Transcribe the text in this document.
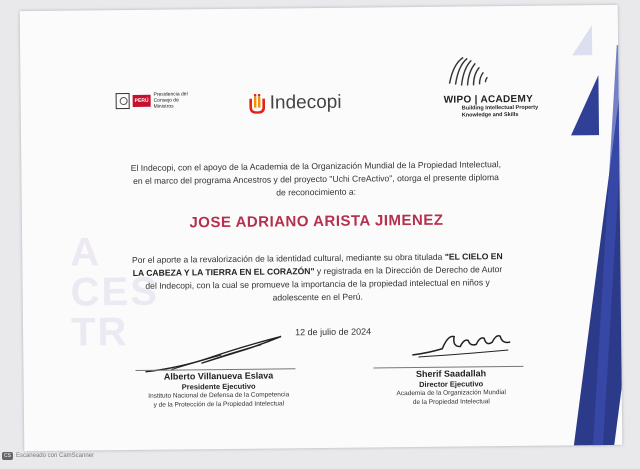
A
CES
TR
PERÚ
Presidencia del Consejo de Ministros	Indecopi	WIPO | ACADEMY
Building Intellectual Property
Knowledge and Skills
El Indecopi, con el apoyo de la Academia de la Organización Mundial de la Propiedad Intelectual,
en el marco del programa Ancestros y del proyecto "Uchi CreActivo", otorga el presente diploma
de reconocimiento a:
JOSE ADRIANO ARISTA JIMENEZ
Por el aporte a la revalorización de la identidad cultural, mediante su obra titulada "EL CIELO EN
LA CABEZA Y LA TIERRA EN EL CORAZÓN" y registrada en la Dirección de Derecho de Autor
del Indecopi, con la cual se promueve la importancia de la propiedad intelectual en niños y
adolescente en el Perú.
12 de julio de 2024
Alberto Villanueva Eslava
Presidente Ejecutivo
Instituto Nacional de Defensa de la Competencia
y de la Protección de la Propiedad Intelectual
Sherif Saadallah
Director Ejecutivo
Academia de la Organización Mundial
de la Propiedad Intelectual
CS Escaneado con CamScanner
